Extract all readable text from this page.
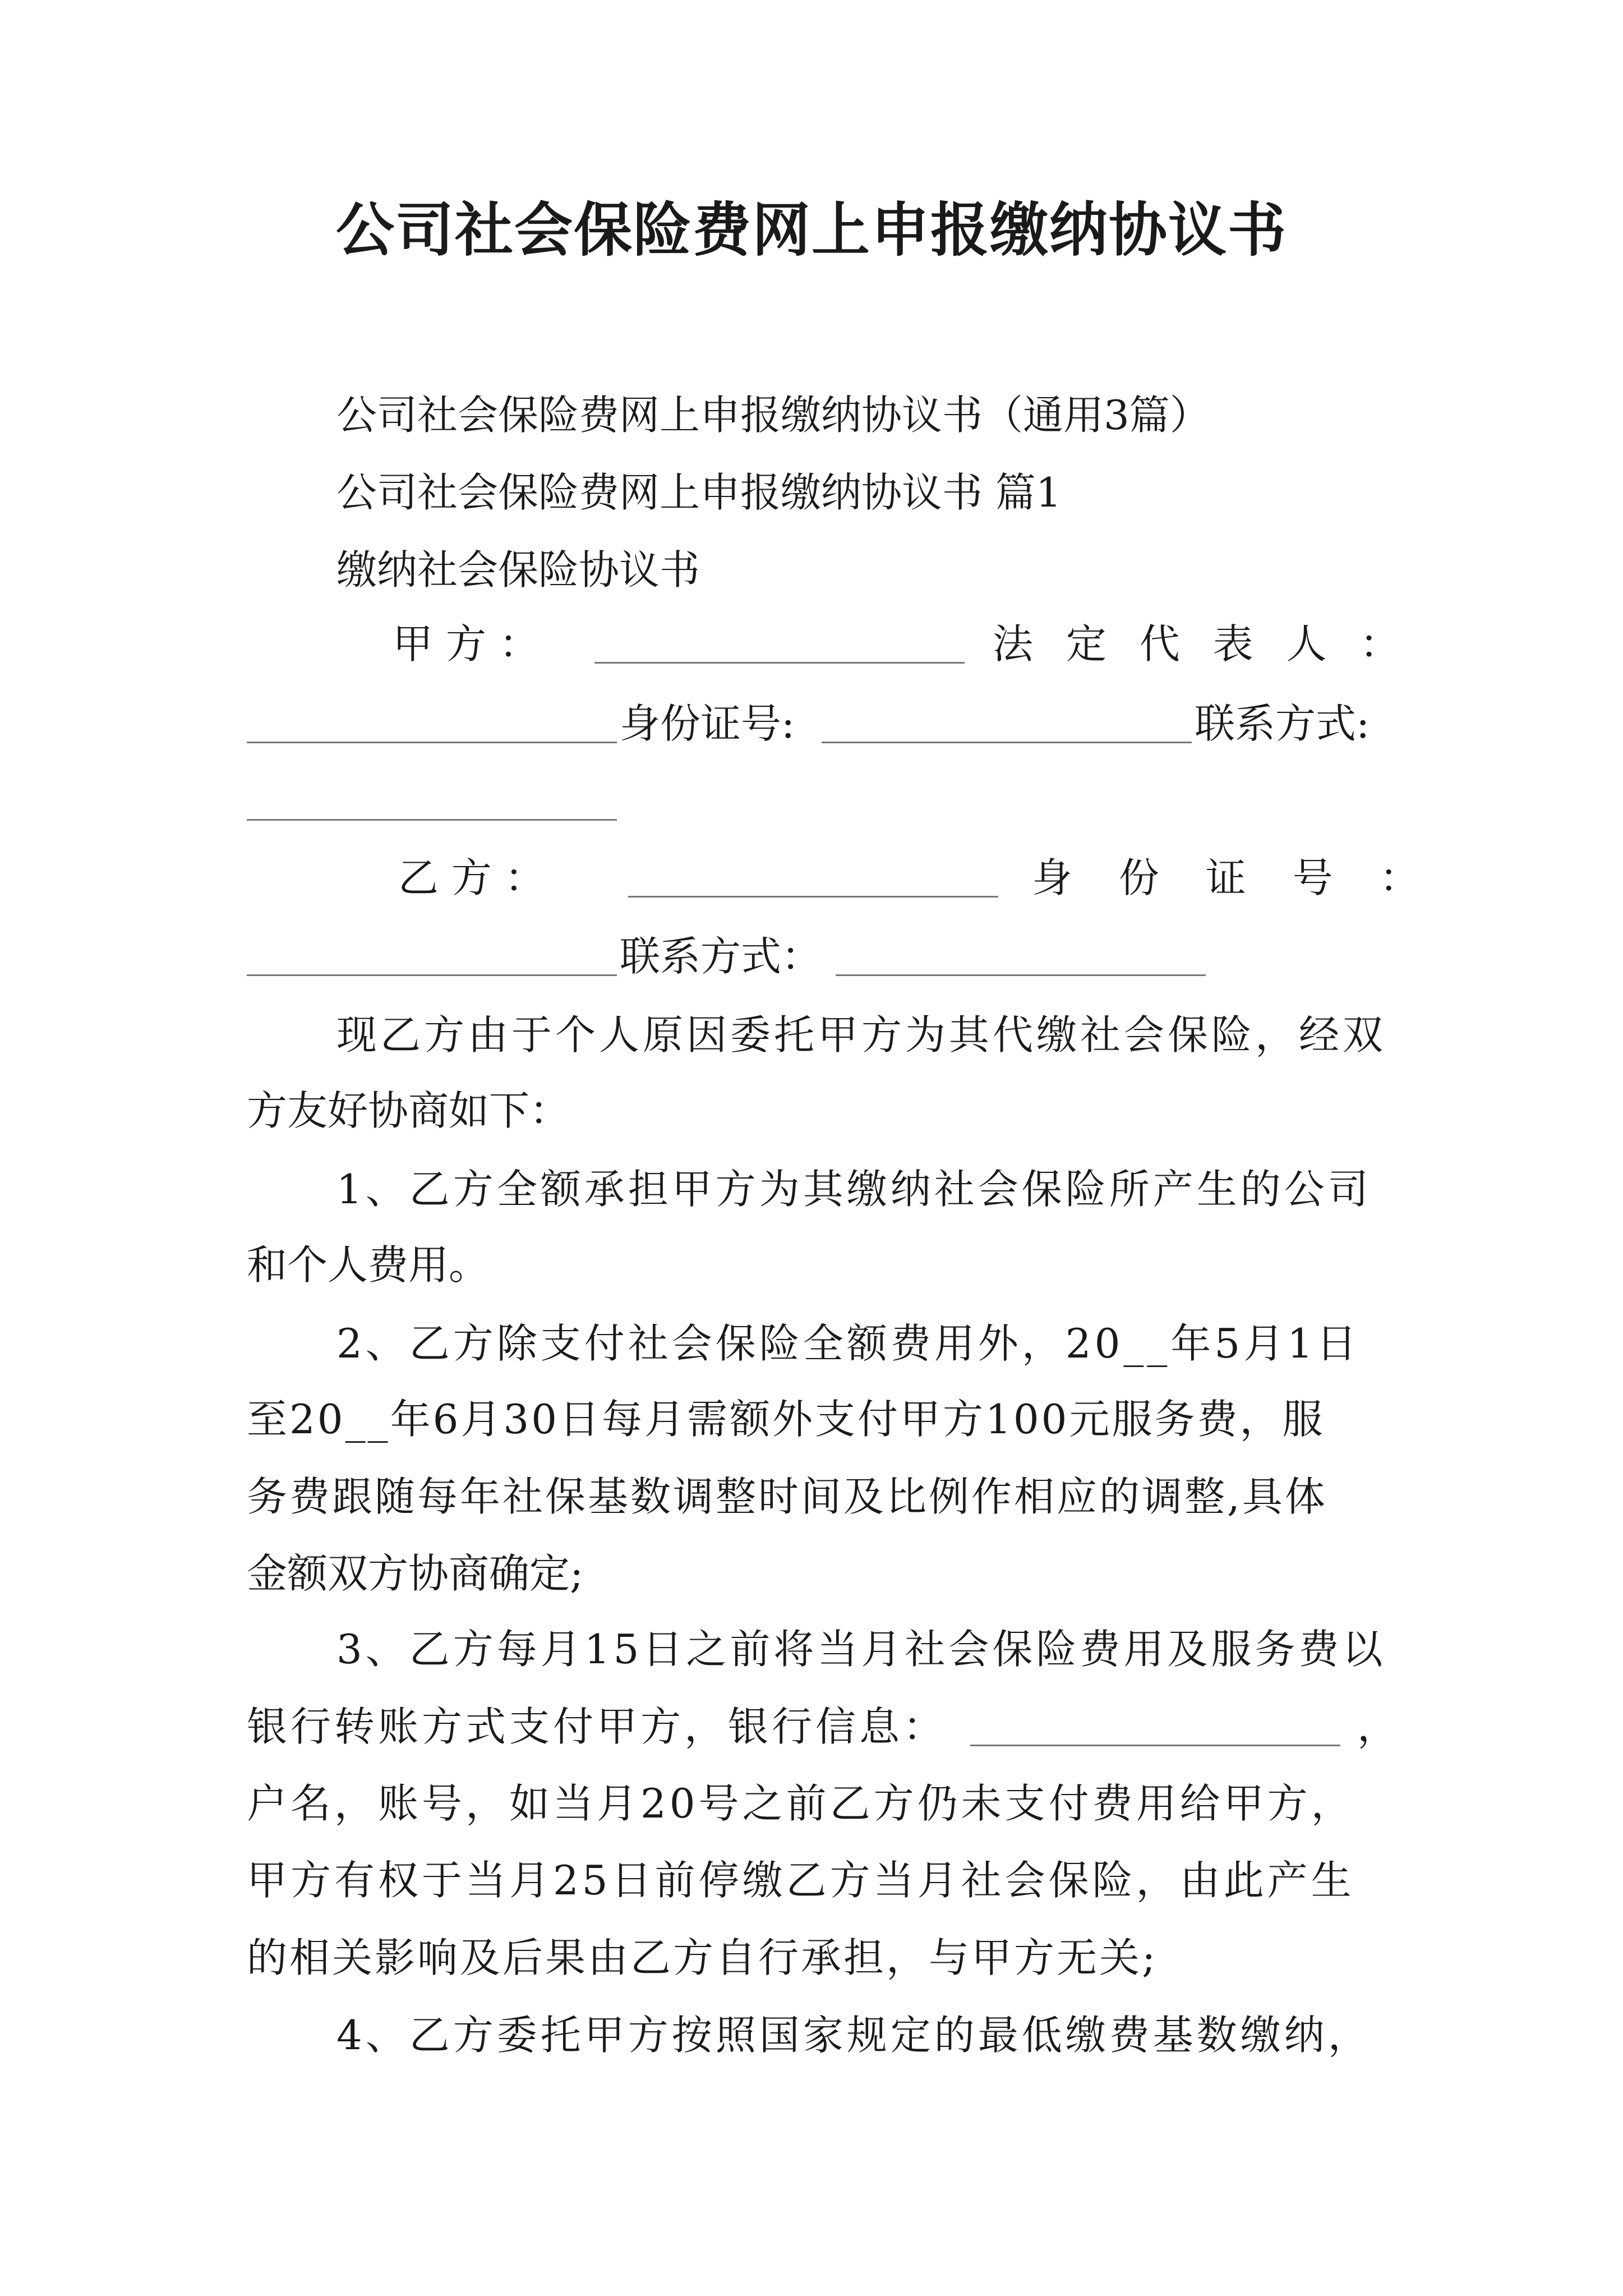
公司社会保险费网上申报缴纳协议书
公司社会保险费网上申报缴纳协议书（通用3篇）
公司社会保险费网上申报缴纳协议书 篇1
缴纳社会保险协议书
甲 方 ：	法 定 代 表 人 ：
身份证号:	联系方式:
乙 方 ：	身 份 证 号 ：
联系方式：
现乙方由于个人原因委托甲方为其代缴社会保险，经双
方友好协商如下：
1、乙方全额承担甲方为其缴纳社会保险所产生的公司
和个人费用。
2、乙方除支付社会保险全额费用外，20__年5月1日
至20__年6月30日每月需额外支付甲方100元服务费，服
务费跟随每年社保基数调整时间及比例作相应的调整,具体
金额双方协商确定;
3、乙方每月15日之前将当月社会保险费用及服务费以
银行转账方式支付甲方，银行信息：	，
户名，账号，如当月20号之前乙方仍未支付费用给甲方，
甲方有权于当月25日前停缴乙方当月社会保险，由此产生
的相关影响及后果由乙方自行承担，与甲方无关;
4、乙方委托甲方按照国家规定的最低缴费基数缴纳，
